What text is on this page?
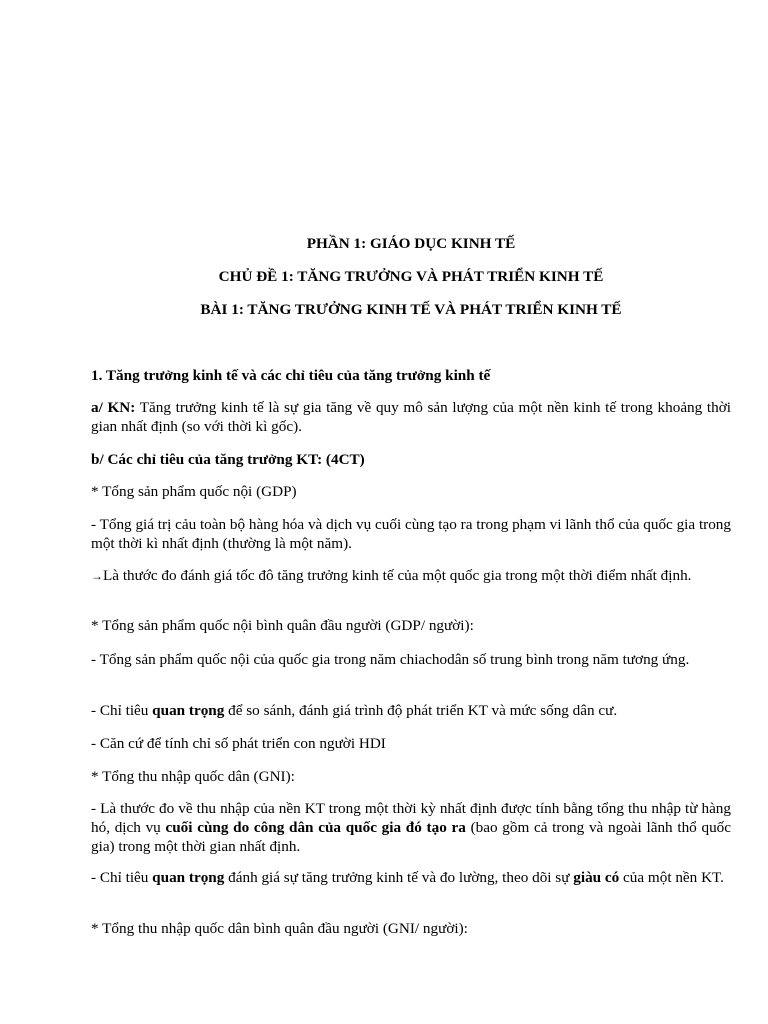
PHẦN 1: GIÁO DỤC KINH TẾ
CHỦ ĐỀ 1: TĂNG TRƯỞNG VÀ PHÁT TRIỂN KINH TẾ
BÀI 1: TĂNG TRƯỞNG KINH TẾ VÀ PHÁT TRIỂN KINH TẾ

1. Tăng trưởng kinh tế và các chỉ tiêu của tăng trưởng kinh tế

a/ KN: Tăng trưởng kinh tế là sự gia tăng về quy mô sản lượng của một nền kinh tế trong khoảng thời gian nhất định (so với thời kì gốc).

b/ Các chỉ tiêu của tăng trưởng KT: (4CT)

* Tổng sản phẩm quốc nội (GDP)

- Tổng giá trị cảu toàn bộ hàng hóa và dịch vụ cuối cùng tạo ra trong phạm vi lãnh thổ của quốc gia trong một thời kì nhất định (thường là một năm).

→Là thước đo đánh giá tốc đô tăng trưởng kinh tế của một quốc gia trong một thời điểm nhất định.

* Tổng sản phẩm quốc nội bình quân đầu người (GDP/ người):

- Tổng sản phẩm quốc nội của quốc gia trong năm chiachodân số trung bình trong năm tương ứng.

- Chỉ tiêu quan trọng để so sánh, đánh giá trình độ phát triển KT và mức sống dân cư.

- Căn cứ để tính chỉ số phát triển con người HDI

* Tổng thu nhập quốc dân (GNI):

- Là thước đo về thu nhập của nền KT trong một thời kỳ nhất định được tính bằng tổng thu nhập từ hàng hó, dịch vụ cuối cùng do công dân của quốc gia đó tạo ra (bao gồm cả trong và ngoài lãnh thổ quốc gia) trong một thời gian nhất định.

- Chỉ tiêu quan trọng đánh giá sự tăng trưởng kinh tế và đo lường, theo dõi sự giàu có của một nền KT.

* Tổng thu nhập quốc dân bình quân đầu người (GNI/ người):
